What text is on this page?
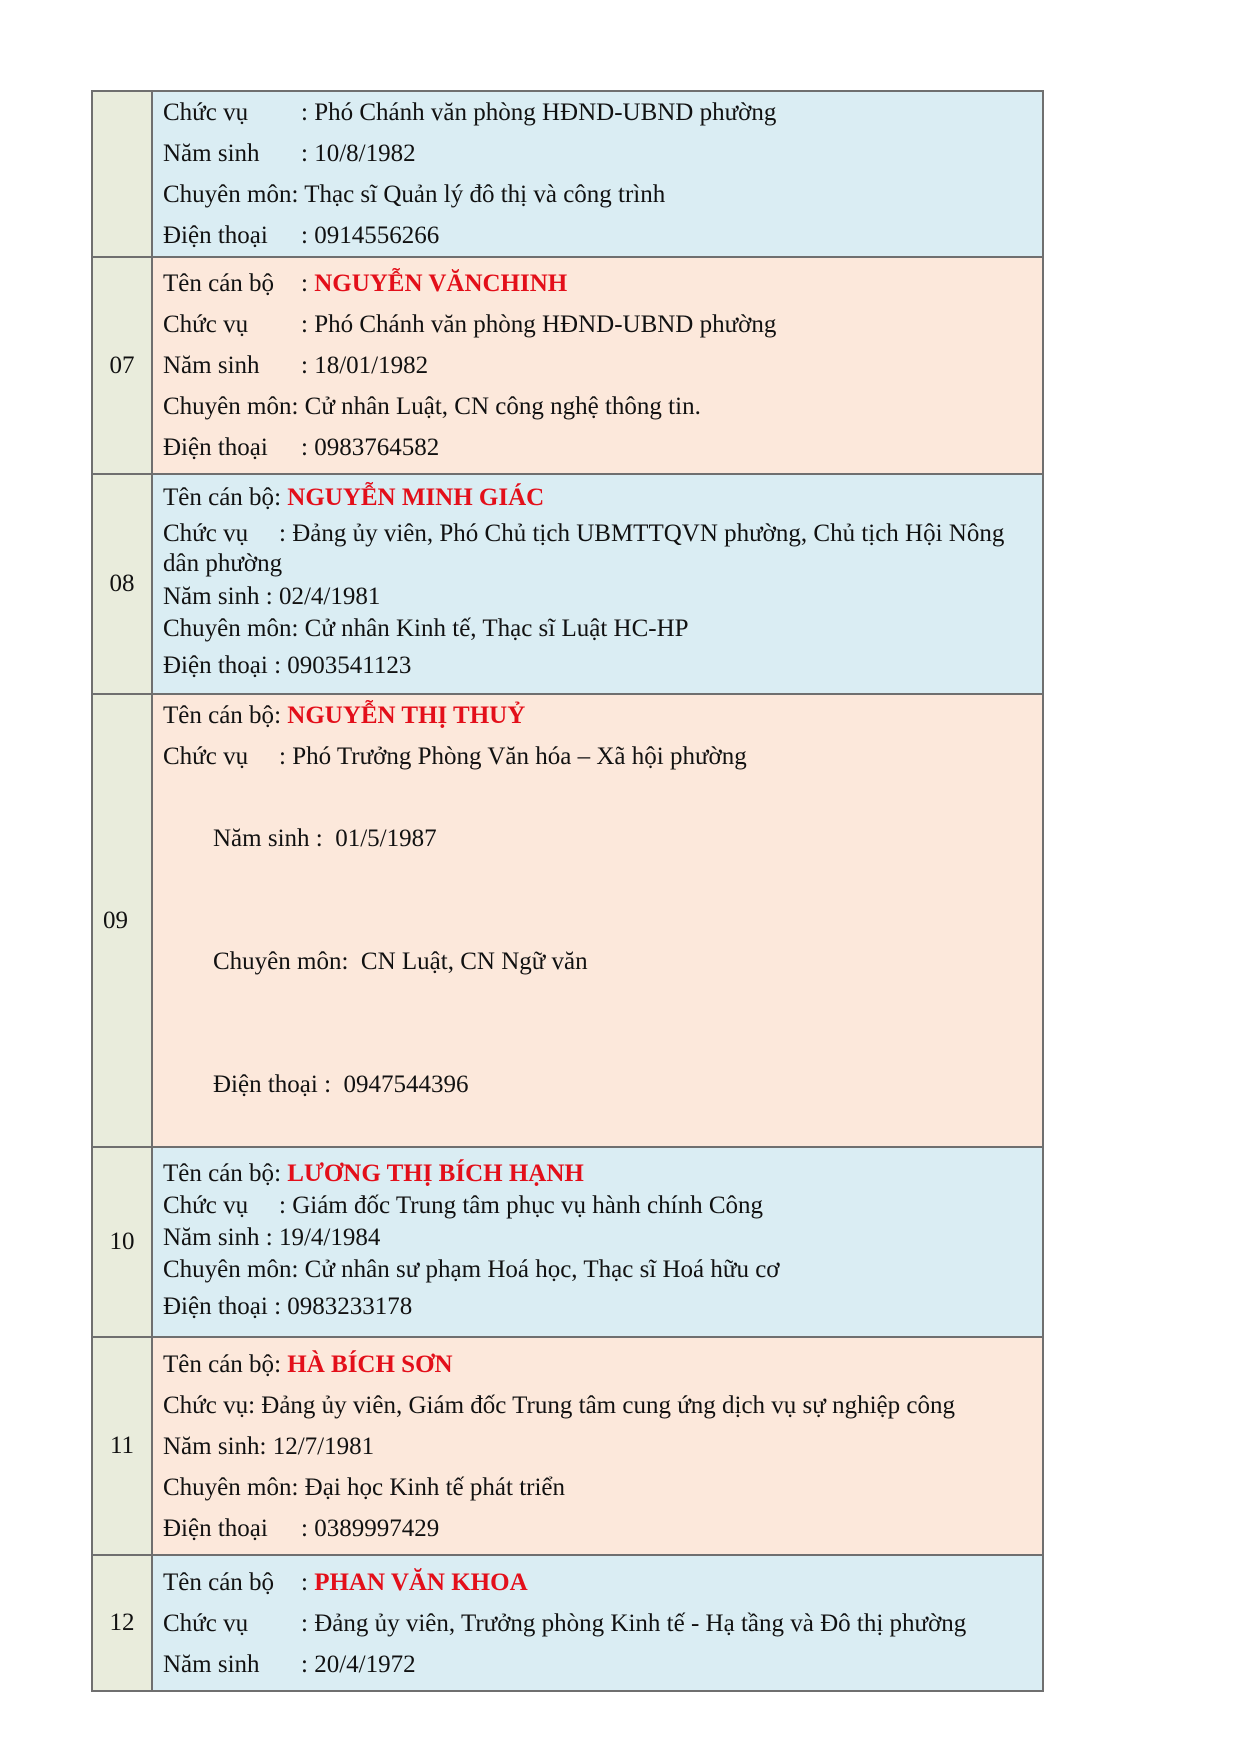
	Chức vụ : Phó Chánh văn phòng HĐND-UBND phường
Năm sinh : 10/8/1982
Chuyên môn: Thạc sĩ Quản lý đô thị và công trình
Điện thoại : 0914556266

07	Tên cán bộ : NGUYỄN VĂNCHINH
Chức vụ : Phó Chánh văn phòng HĐND-UBND phường
Năm sinh : 18/01/1982
Chuyên môn: Cử nhân Luật, CN công nghệ thông tin.
Điện thoại : 0983764582

08	Tên cán bộ: NGUYỄN MINH GIÁC
Chức vụ : Đảng ủy viên, Phó Chủ tịch UBMTTQVN phường, Chủ tịch Hội Nông dân phường
Năm sinh : 02/4/1981
Chuyên môn: Cử nhân Kinh tế, Thạc sĩ Luật HC-HP
Điện thoại : 0903541123

09	Tên cán bộ: NGUYỄN THỊ THUỶ
Chức vụ : Phó Trưởng Phòng Văn hóa – Xã hội phường

Năm sinh :  01/5/1987

Chuyên môn:  CN Luật, CN Ngữ văn

Điện thoại :  0947544396

10	Tên cán bộ: LƯƠNG THỊ BÍCH HẠNH
Chức vụ : Giám đốc Trung tâm phục vụ hành chính Công
Năm sinh : 19/4/1984
Chuyên môn: Cử nhân sư phạm Hoá học, Thạc sĩ Hoá hữu cơ
Điện thoại : 0983233178

11	Tên cán bộ: HÀ BÍCH SƠN
Chức vụ: Đảng ủy viên, Giám đốc Trung tâm cung ứng dịch vụ sự nghiệp công
Năm sinh: 12/7/1981
Chuyên môn: Đại học Kinh tế phát triển
Điện thoại : 0389997429

12	Tên cán bộ : PHAN VĂN KHOA
Chức vụ : Đảng ủy viên, Trưởng phòng Kinh tế - Hạ tầng và Đô thị phường
Năm sinh : 20/4/1972
